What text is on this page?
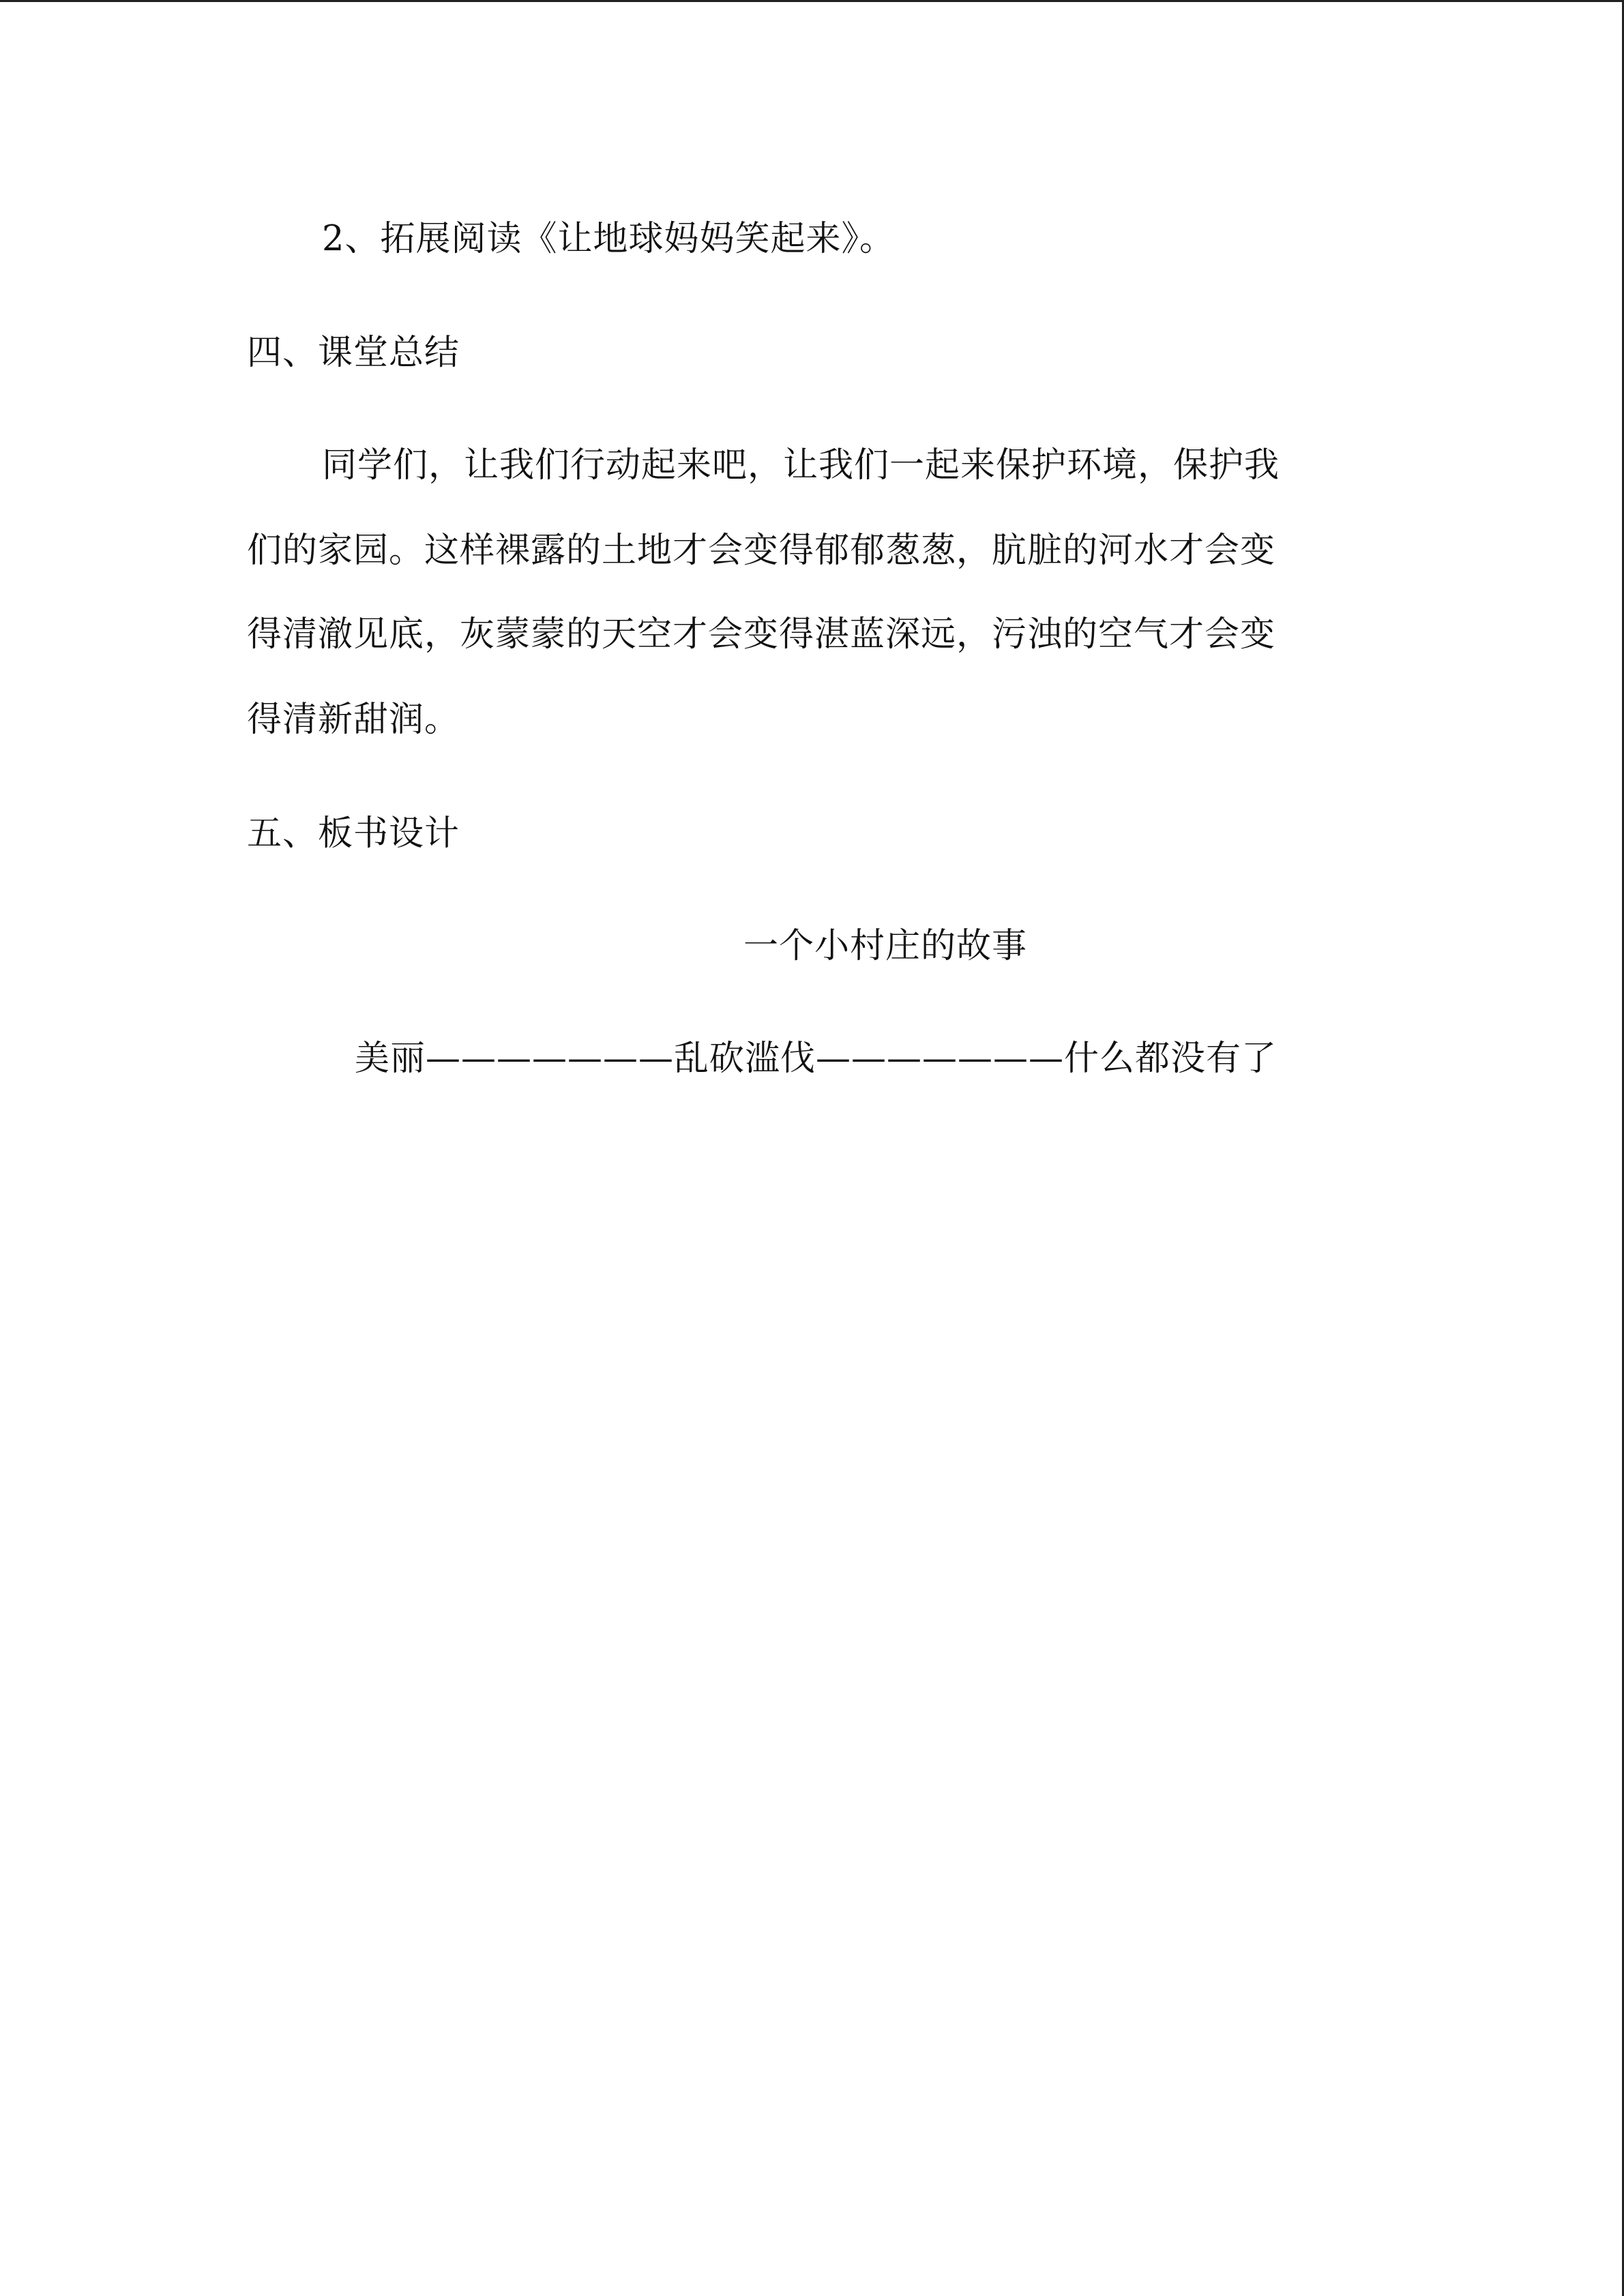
2、拓展阅读《让地球妈妈笑起来》。
四、课堂总结
同学们，让我们行动起来吧，让我们一起来保护环境，保护我
们的家园。这样裸露的土地才会变得郁郁葱葱，肮脏的河水才会变
得清澈见底，灰蒙蒙的天空才会变得湛蓝深远，污浊的空气才会变
得清新甜润。
五、板书设计
一个小村庄的故事
美丽———————乱砍滥伐———————什么都没有了
